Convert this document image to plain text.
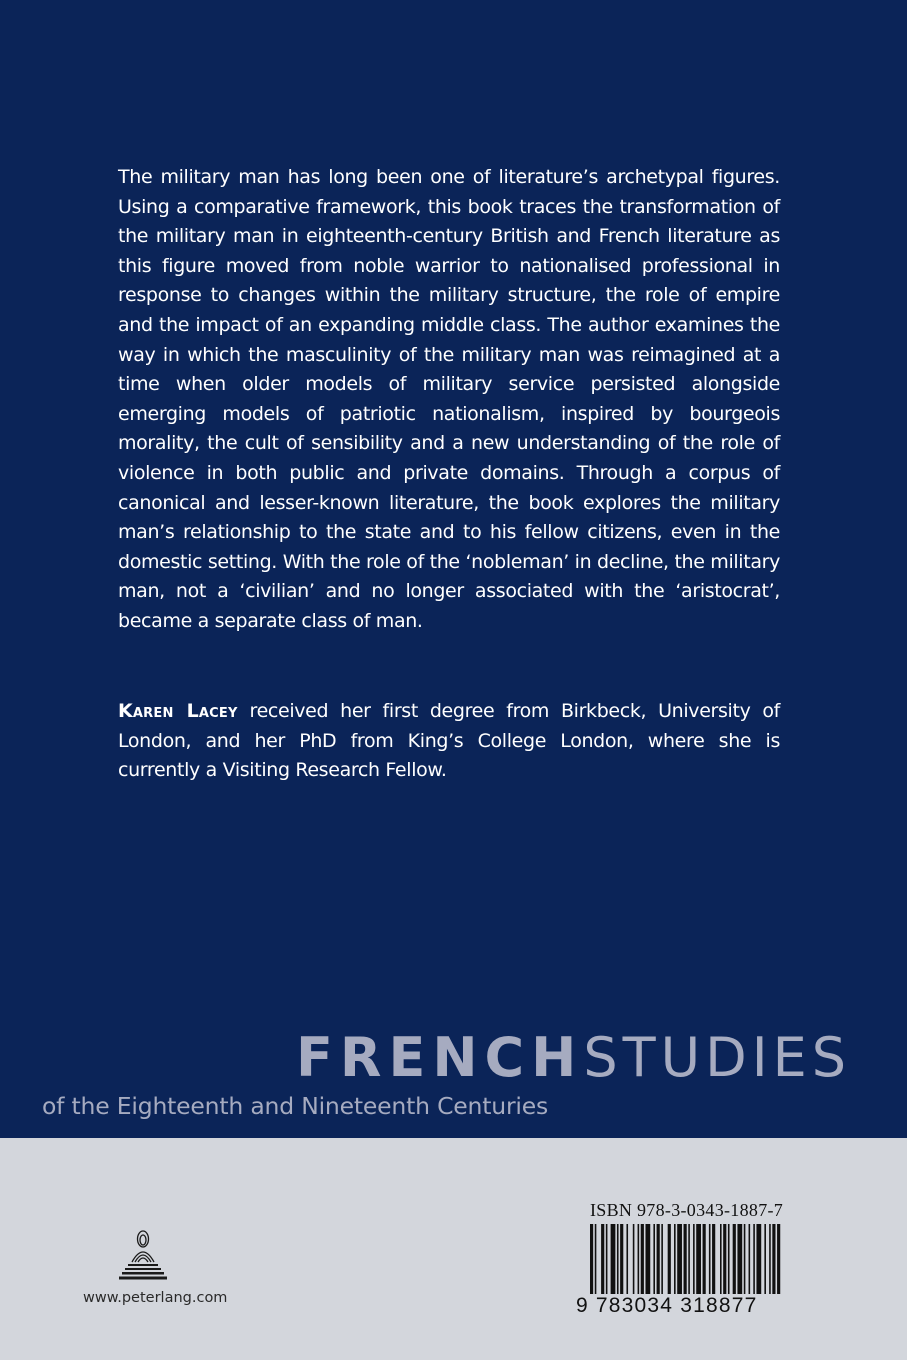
The military man has long been one of literature’s archetypal figures. Using a comparative framework, this book traces the transformation of the military man in eighteenth-century British and French literature as this figure moved from noble warrior to nationalised professional in response to changes within the military structure, the role of empire and the impact of an expanding middle class. The author examines the way in which the masculinity of the military man was reimagined at a time when older models of military service persisted alongside emerging models of patriotic nationalism, inspired by bourgeois morality, the cult of sensibility and a new understanding of the role of violence in both public and private domains. Through a corpus of canonical and lesser-known literature, the book explores the military man’s relationship to the state and to his fellow citizens, even in the domestic setting. With the role of the ‘nobleman’ in decline, the military man, not a ‘civilian’ and no longer associated with the ‘aristocrat’, became a separate class of man.

Karen Lacey received her first degree from Birkbeck, University of London, and her PhD from King’s College London, where she is currently a Visiting Research Fellow.

FRENCHSTUDIES
of the Eighteenth and Nineteenth Centuries
www.peterlang.com
ISBN 978-3-0343-1887-7
9 783034 318877
